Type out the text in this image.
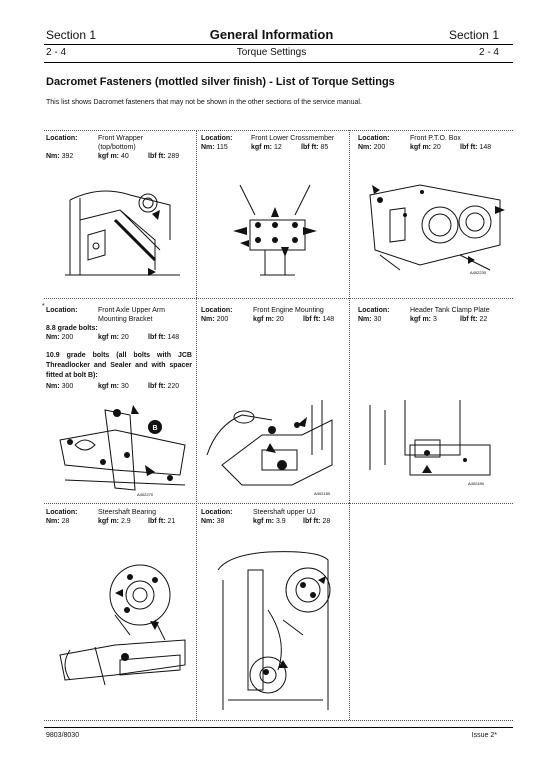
Section 1	General Information	Section 1
2 - 4	Torque Settings	2 - 4
Dacromet Fasteners (mottled silver finish) - List of Torque Settings
This list shows Dacromet fasteners that may not be shown in the other sections of the service manual.
Location:	Front Wrapper
(top/bottom)
Nm: 392	kgf m: 40	lbf ft: 289
Location:	Front Lower Crossmember
Nm: 115	kgf m: 12	lbf ft: 85
Location:	Front P.T.O. Box
Nm: 200	kgf m: 20	lbf ft: 148
A402230
*
Location:	Front Axle Upper Arm
Mounting Bracket
8.8 grade bolts:
Nm: 200	kgf m: 20	lbf ft: 148
10.9 grade bolts (all bolts with JCB Threadlocker and Sealer and with spacer fitted at bolt B):
Nm: 300	kgf m: 30	lbf ft: 220
B
A402270
Location:	Front Engine Mounting
Nm: 200	kgf m: 20	lbf ft: 148
A402150
Location:	Header Tank Clamp Plate
Nm: 30	kgf m: 3	lbf ft: 22
A402490
Location:	Steershaft Bearing
Nm: 28	kgf m: 2.9 lbf ft: 21
Location:	Steershaft upper UJ
Nm: 38	kgf m: 3.9 lbf ft: 28
9803/8030	Issue 2*
